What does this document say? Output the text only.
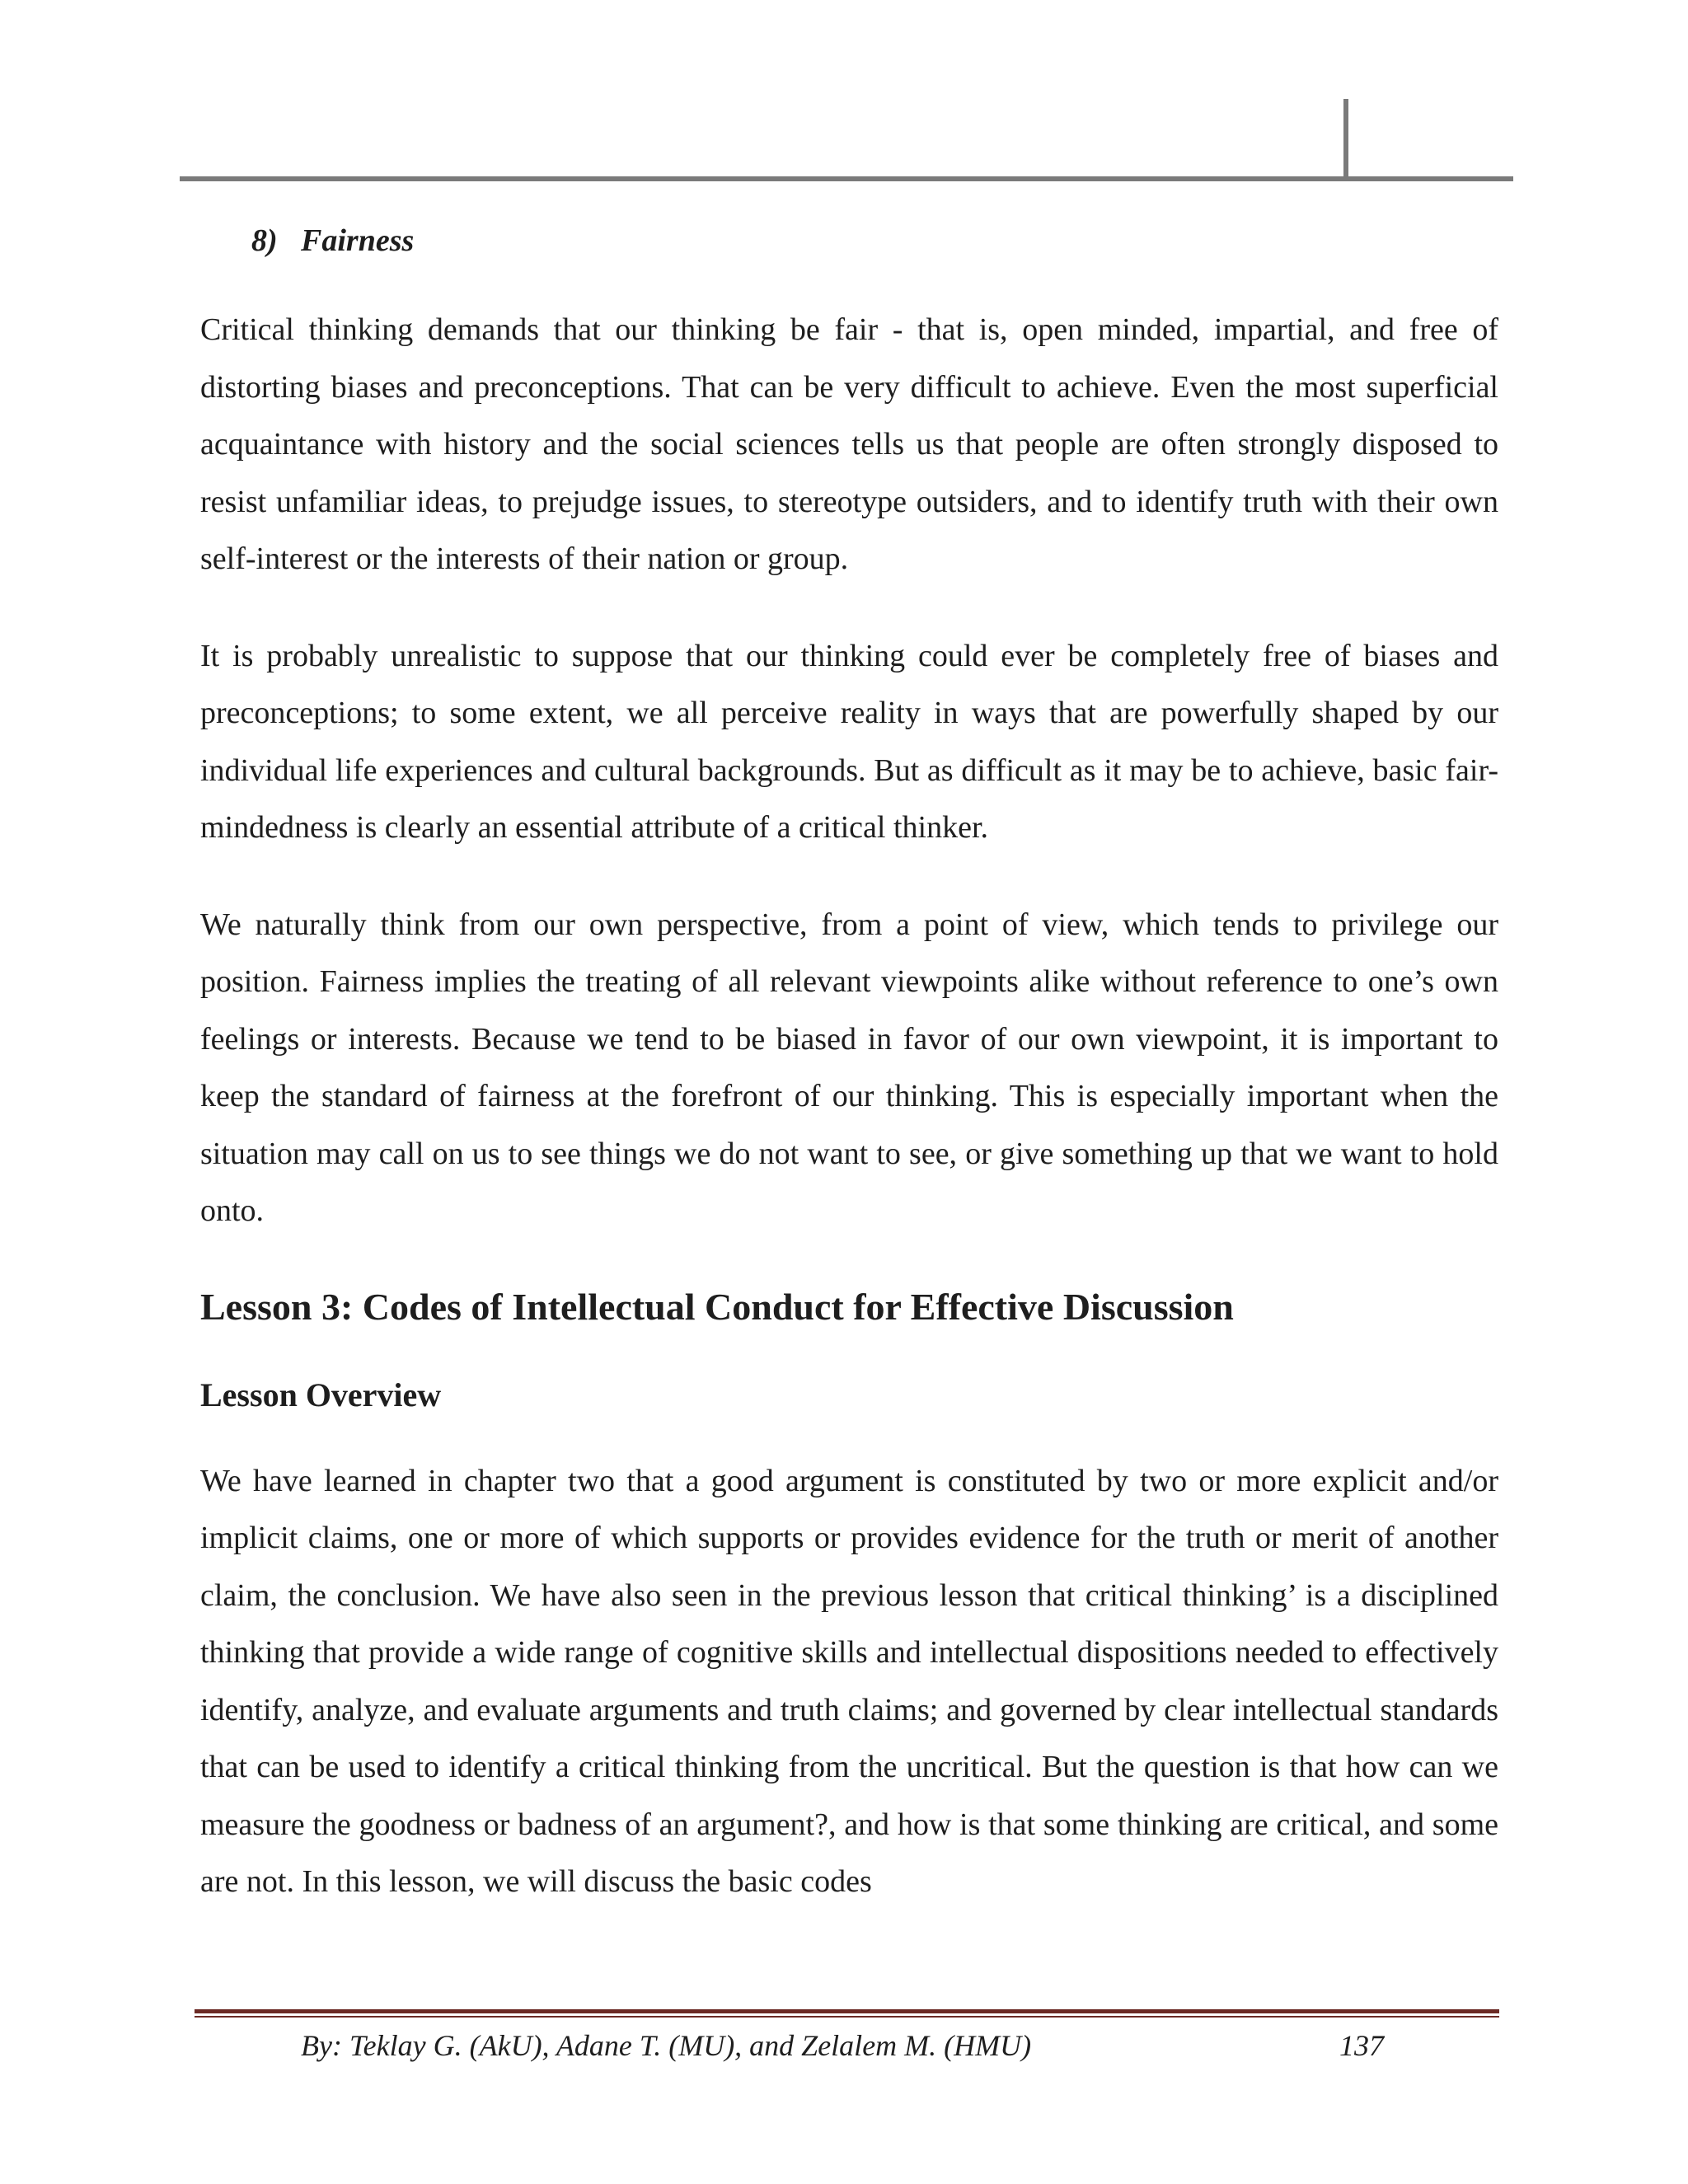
8) Fairness

Critical thinking demands that our thinking be fair - that is, open minded, impartial, and free of distorting biases and preconceptions. That can be very difficult to achieve. Even the most superficial acquaintance with history and the social sciences tells us that people are often strongly disposed to resist unfamiliar ideas, to prejudge issues, to stereotype outsiders, and to identify truth with their own self-interest or the interests of their nation or group.

It is probably unrealistic to suppose that our thinking could ever be completely free of biases and preconceptions; to some extent, we all perceive reality in ways that are powerfully shaped by our individual life experiences and cultural backgrounds. But as difficult as it may be to achieve, basic fair-mindedness is clearly an essential attribute of a critical thinker.

We naturally think from our own perspective, from a point of view, which tends to privilege our position. Fairness implies the treating of all relevant viewpoints alike without reference to one’s own feelings or interests. Because we tend to be biased in favor of our own viewpoint, it is important to keep the standard of fairness at the forefront of our thinking. This is especially important when the situation may call on us to see things we do not want to see, or give something up that we want to hold onto.

Lesson 3: Codes of Intellectual Conduct for Effective Discussion
Lesson Overview

We have learned in chapter two that a good argument is constituted by two or more explicit and/or implicit claims, one or more of which supports or provides evidence for the truth or merit of another claim, the conclusion. We have also seen in the previous lesson that critical thinking’ is a disciplined thinking that provide a wide range of cognitive skills and intellectual dispositions needed to effectively identify, analyze, and evaluate arguments and truth claims; and governed by clear intellectual standards that can be used to identify a critical thinking from the uncritical. But the question is that how can we measure the goodness or badness of an argument?, and how is that some thinking are critical, and some are not. In this lesson, we will discuss the basic codes

By: Teklay G. (AkU), Adane T. (MU), and Zelalem M. (HMU)	137
